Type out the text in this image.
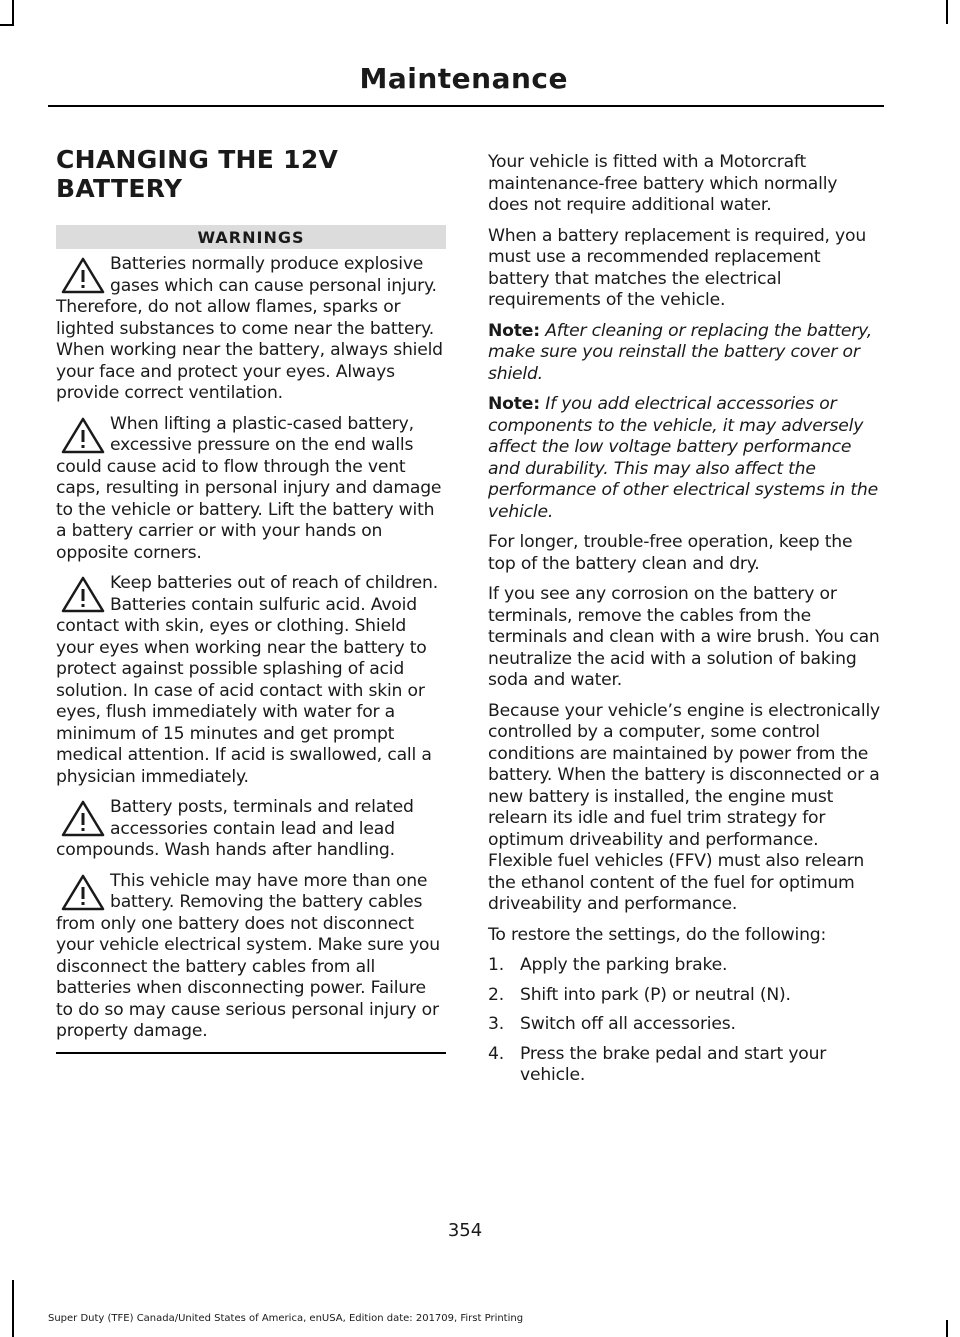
Maintenance
CHANGING THE 12V BATTERY
WARNINGS
Batteries normally produce explosive gases which can cause personal injury. Therefore, do not allow flames, sparks or lighted substances to come near the battery. When working near the battery, always shield your face and protect your eyes. Always provide correct ventilation.
When lifting a plastic-cased battery, excessive pressure on the end walls could cause acid to flow through the vent caps, resulting in personal injury and damage to the vehicle or battery. Lift the battery with a battery carrier or with your hands on opposite corners.
Keep batteries out of reach of children. Batteries contain sulfuric acid. Avoid contact with skin, eyes or clothing. Shield your eyes when working near the battery to protect against possible splashing of acid solution. In case of acid contact with skin or eyes, flush immediately with water for a minimum of 15 minutes and get prompt medical attention. If acid is swallowed, call a physician immediately.
Battery posts, terminals and related accessories contain lead and lead compounds. Wash hands after handling.
This vehicle may have more than one battery. Removing the battery cables from only one battery does not disconnect your vehicle electrical system. Make sure you disconnect the battery cables from all batteries when disconnecting power. Failure to do so may cause serious personal injury or property damage.

Your vehicle is fitted with a Motorcraft maintenance-free battery which normally does not require additional water.

When a battery replacement is required, you must use a recommended replacement battery that matches the electrical requirements of the vehicle.

Note: After cleaning or replacing the battery, make sure you reinstall the battery cover or shield.

Note: If you add electrical accessories or components to the vehicle, it may adversely affect the low voltage battery performance and durability. This may also affect the performance of other electrical systems in the vehicle.

For longer, trouble-free operation, keep the top of the battery clean and dry.

If you see any corrosion on the battery or terminals, remove the cables from the terminals and clean with a wire brush. You can neutralize the acid with a solution of baking soda and water.

Because your vehicle’s engine is electronically controlled by a computer, some control conditions are maintained by power from the battery. When the battery is disconnected or a new battery is installed, the engine must relearn its idle and fuel trim strategy for optimum driveability and performance. Flexible fuel vehicles (FFV) must also relearn the ethanol content of the fuel for optimum driveability and performance.

To restore the settings, do the following:

1. Apply the parking brake.
2. Shift into park (P) or neutral (N).
3. Switch off all accessories.
4. Press the brake pedal and start your vehicle.
354
Super Duty (TFE) Canada/United States of America, enUSA, Edition date: 201709, First Printing
